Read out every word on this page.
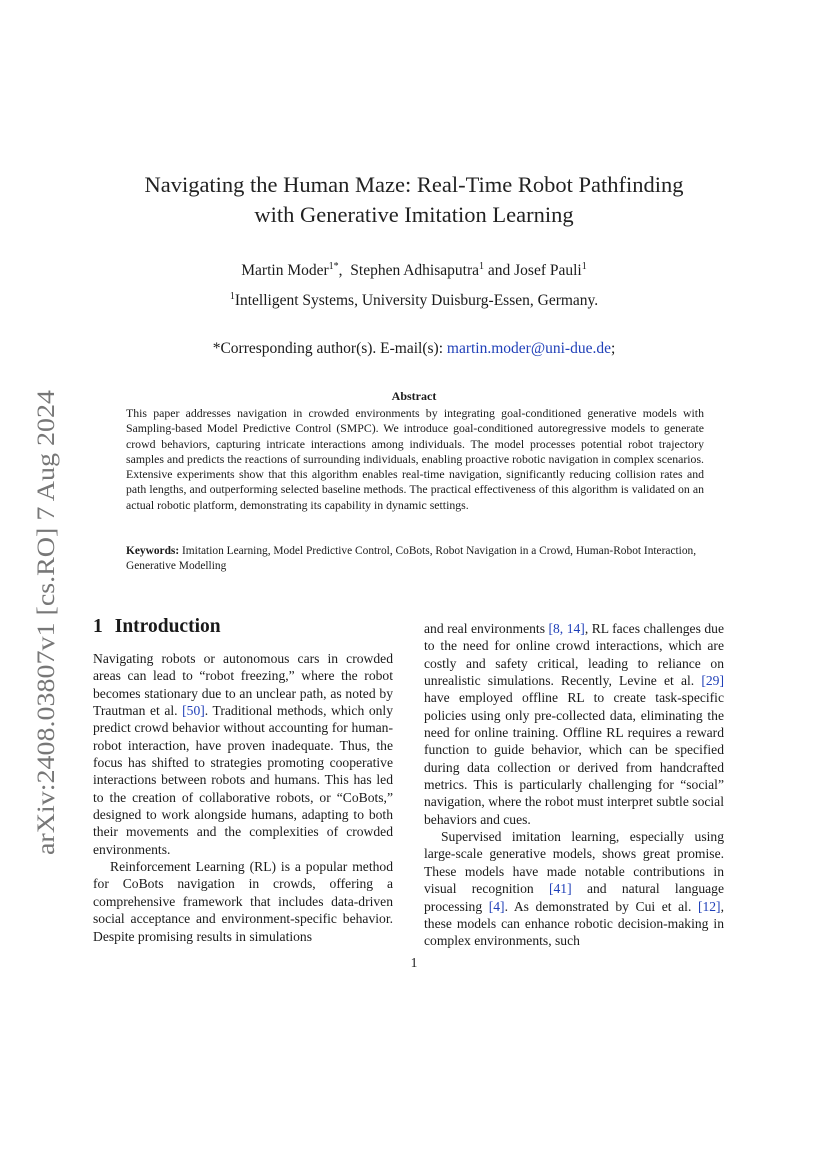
arXiv:2408.03807v1 [cs.RO] 7 Aug 2024
Navigating the Human Maze: Real-Time Robot Pathfinding
with Generative Imitation Learning
Martin Moder$^{1*}$,  Stephen Adhisaputra$^1$ and Josef Pauli$^1$
$^1$Intelligent Systems, University Duisburg-Essen, Germany.
*Corresponding author(s). E-mail(s): martin.moder@uni-due.de;
Abstract
This paper addresses navigation in crowded environments by integrating goal-conditioned generative models with Sampling-based Model Predictive Control (SMPC). We introduce goal-conditioned autoregressive models to generate crowd behaviors, capturing intricate interactions among individuals. The model processes potential robot trajectory samples and predicts the reactions of surrounding individuals, enabling proactive robotic navigation in complex scenarios. Extensive experiments show that this algorithm enables real-time navigation, significantly reducing collision rates and path lengths, and outperforming selected baseline methods. The practical effectiveness of this algorithm is validated on an actual robotic platform, demonstrating its capability in dynamic settings.
Keywords: Imitation Learning, Model Predictive Control, CoBots, Robot Navigation in a Crowd, Human-Robot Interaction, Generative Modelling
1 Introduction

Navigating robots or autonomous cars in crowded areas can lead to “robot freezing,” where the robot becomes stationary due to an unclear path, as noted by Trautman et al. [50]. Traditional methods, which only predict crowd behavior without accounting for human-robot interaction, have proven inadequate. Thus, the focus has shifted to strategies promoting cooperative interactions between robots and humans. This has led to the creation of collaborative robots, or “CoBots,” designed to work alongside humans, adapting to both their movements and the complexities of crowded environments.

Reinforcement Learning (RL) is a popular method for CoBots navigation in crowds, offering a comprehensive framework that includes data-driven social acceptance and environment-specific behavior. Despite promising results in simulations

and real environments [8, 14], RL faces challenges due to the need for online crowd interactions, which are costly and safety critical, leading to reliance on unrealistic simulations. Recently, Levine et al. [29] have employed offline RL to create task-specific policies using only pre-collected data, eliminating the need for online training. Offline RL requires a reward function to guide behavior, which can be specified during data collection or derived from handcrafted metrics. This is particularly challenging for “social” navigation, where the robot must interpret subtle social behaviors and cues.

Supervised imitation learning, especially using large-scale generative models, shows great promise. These models have made notable contributions in visual recognition [41] and natural language processing [4]. As demonstrated by Cui et al. [12], these models can enhance robotic decision-making in complex environments, such

1
